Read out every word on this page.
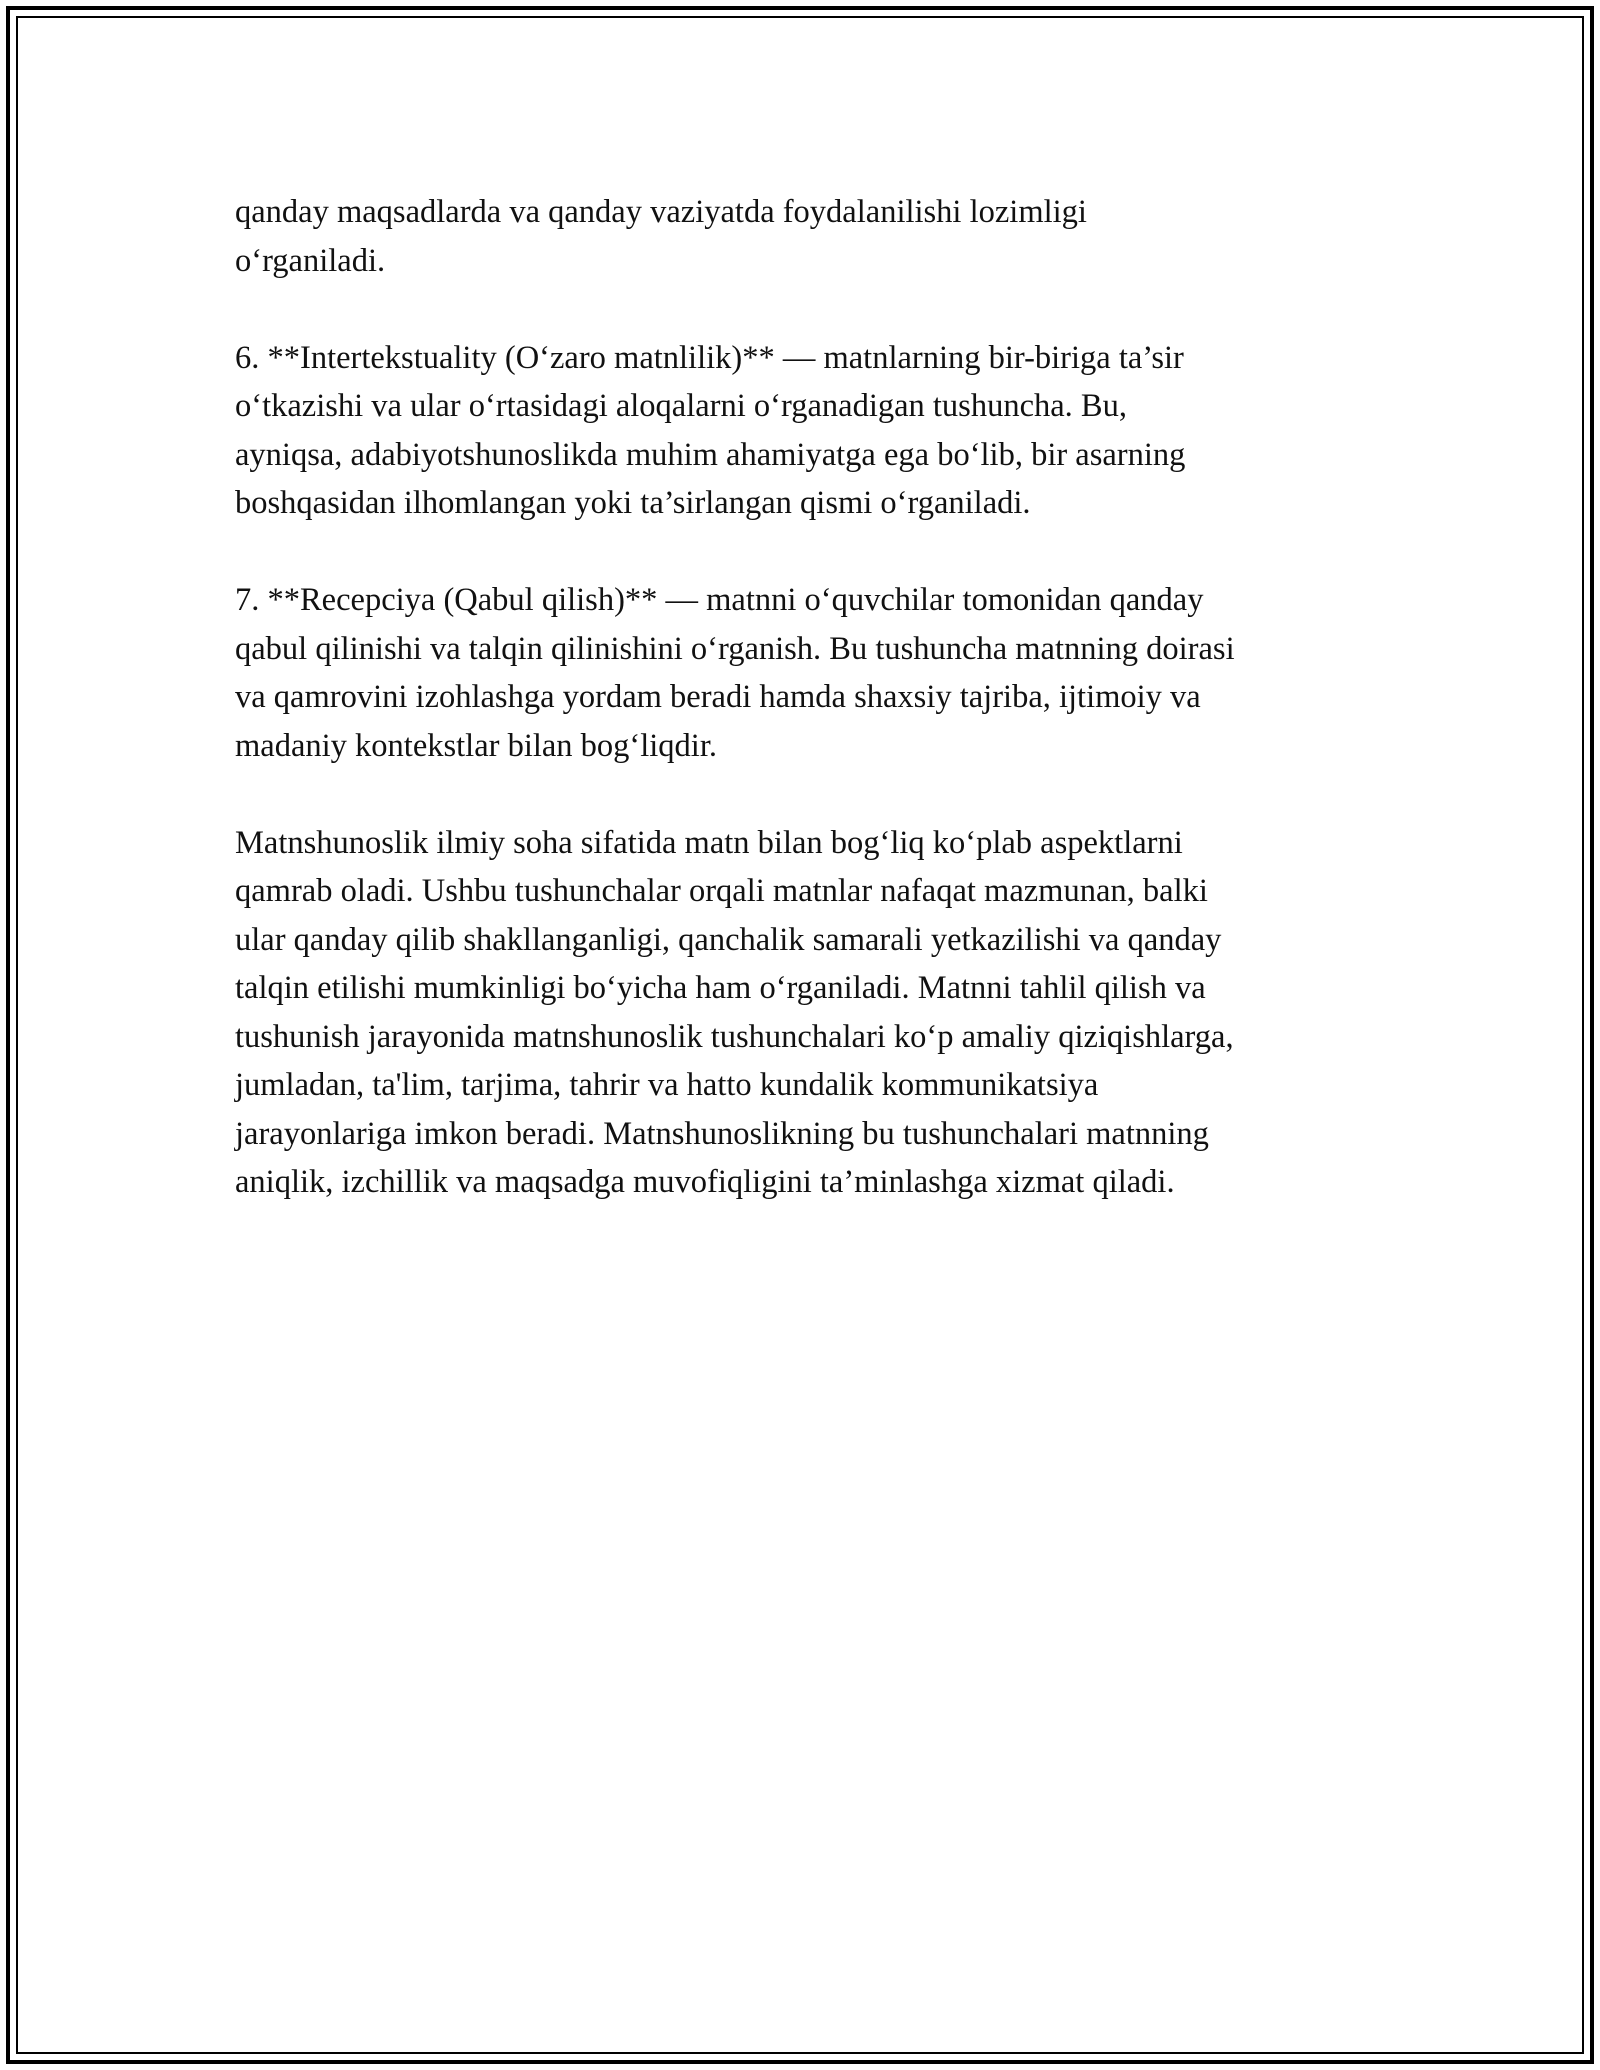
qanday maqsadlarda va qanday vaziyatda foydalanilishi lozimligi
o‘rganiladi.

6. **Intertekstuality (O‘zaro matnlilik)** — matnlarning bir-biriga ta’sir
o‘tkazishi va ular o‘rtasidagi aloqalarni o‘rganadigan tushuncha. Bu,
ayniqsa, adabiyotshunoslikda muhim ahamiyatga ega bo‘lib, bir asarning
boshqasidan ilhomlangan yoki ta’sirlangan qismi o‘rganiladi.

7. **Recepciya (Qabul qilish)** — matnni o‘quvchilar tomonidan qanday
qabul qilinishi va talqin qilinishini o‘rganish. Bu tushuncha matnning doirasi
va qamrovini izohlashga yordam beradi hamda shaxsiy tajriba, ijtimoiy va
madaniy kontekstlar bilan bog‘liqdir.

Matnshunoslik ilmiy soha sifatida matn bilan bog‘liq ko‘plab aspektlarni
qamrab oladi. Ushbu tushunchalar orqali matnlar nafaqat mazmunan, balki
ular qanday qilib shakllanganligi, qanchalik samarali yetkazilishi va qanday
talqin etilishi mumkinligi bo‘yicha ham o‘rganiladi. Matnni tahlil qilish va
tushunish jarayonida matnshunoslik tushunchalari ko‘p amaliy qiziqishlarga,
jumladan, ta'lim, tarjima, tahrir va hatto kundalik kommunikatsiya
jarayonlariga imkon beradi. Matnshunoslikning bu tushunchalari matnning
aniqlik, izchillik va maqsadga muvofiqligini ta’minlashga xizmat qiladi.
